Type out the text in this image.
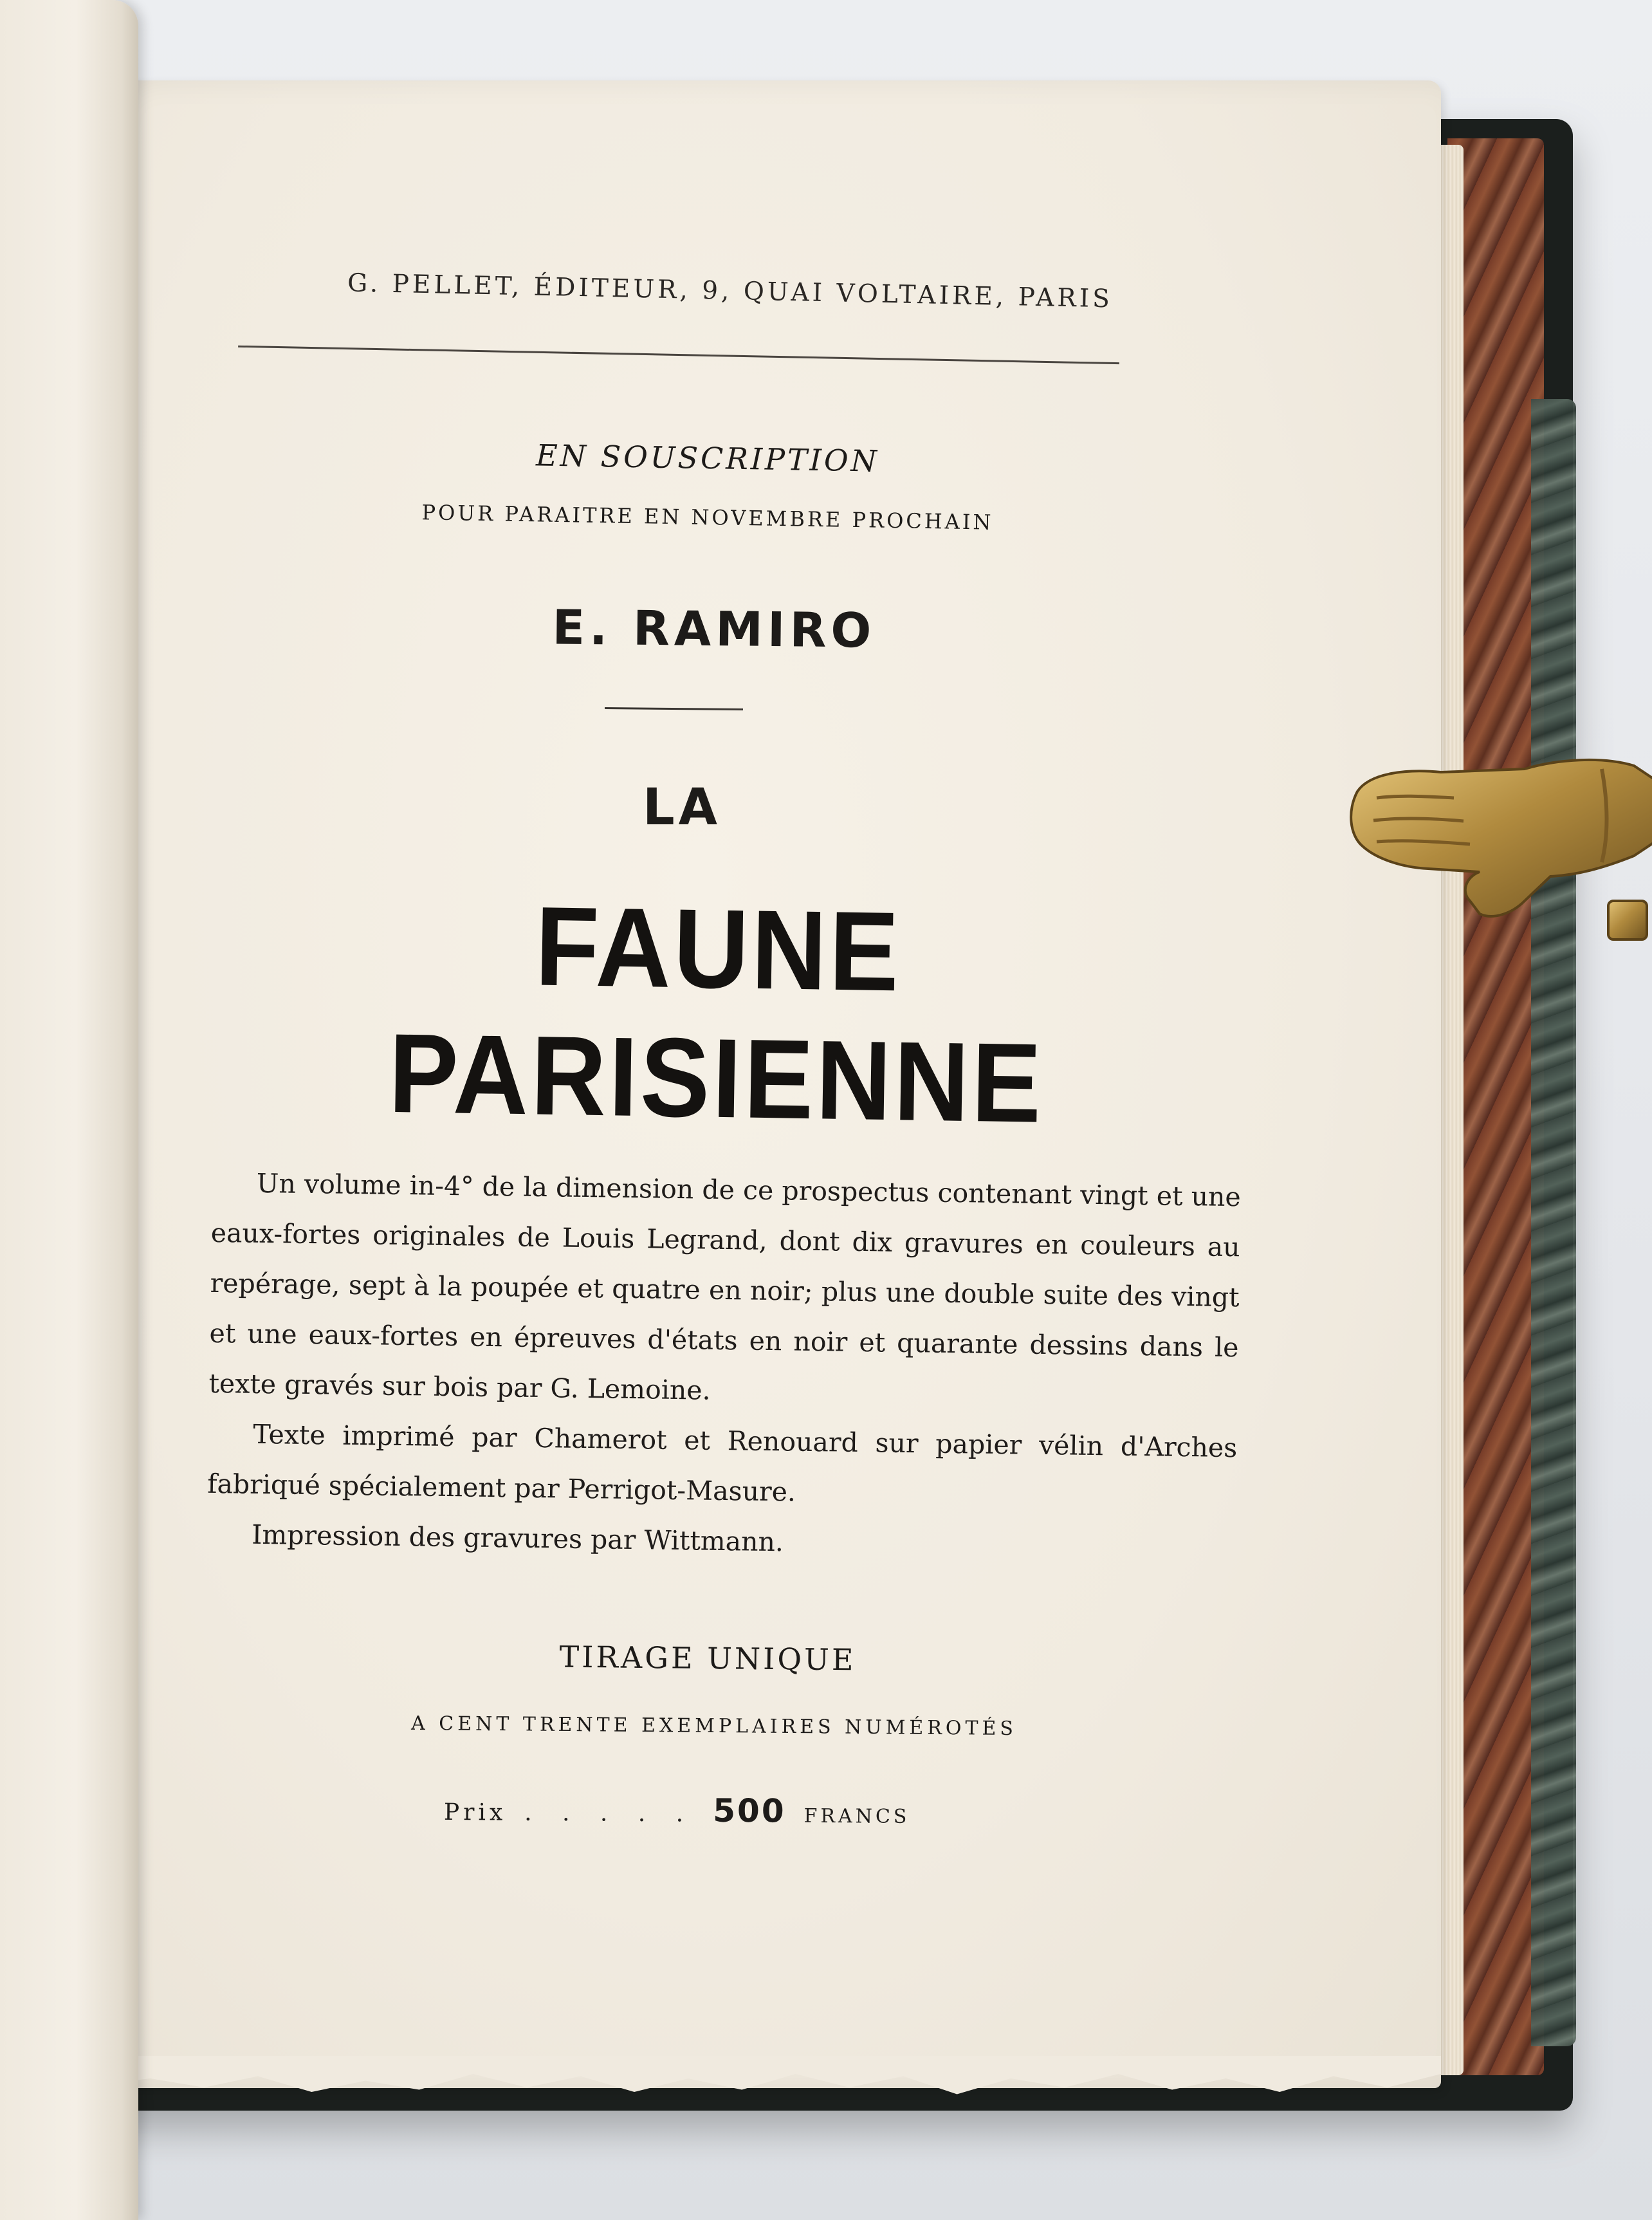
G. PELLET, ÉDITEUR, 9, QUAI VOLTAIRE, PARIS
EN SOUSCRIPTION
POUR PARAITRE EN NOVEMBRE PROCHAIN
E. RAMIRO
LA
FAUNE PARISIENNE

Un volume in-4° de la dimension de ce prospectus contenant vingt et une eaux-fortes originales de Louis Legrand, dont dix gravures en couleurs au repérage, sept à la poupée et quatre en noir; plus une double suite des vingt et une eaux-fortes en épreuves d'états en noir et quarante dessins dans le texte gravés sur bois par G. Lemoine.

Texte imprimé par Chamerot et Renouard sur papier vélin d'Arches fabriqué spécialement par Perrigot-Masure.

Impression des gravures par Wittmann.

TIRAGE UNIQUE
A CENT TRENTE EXEMPLAIRES NUMÉROTÉS
Prix . . . . . 500 FRANCS
